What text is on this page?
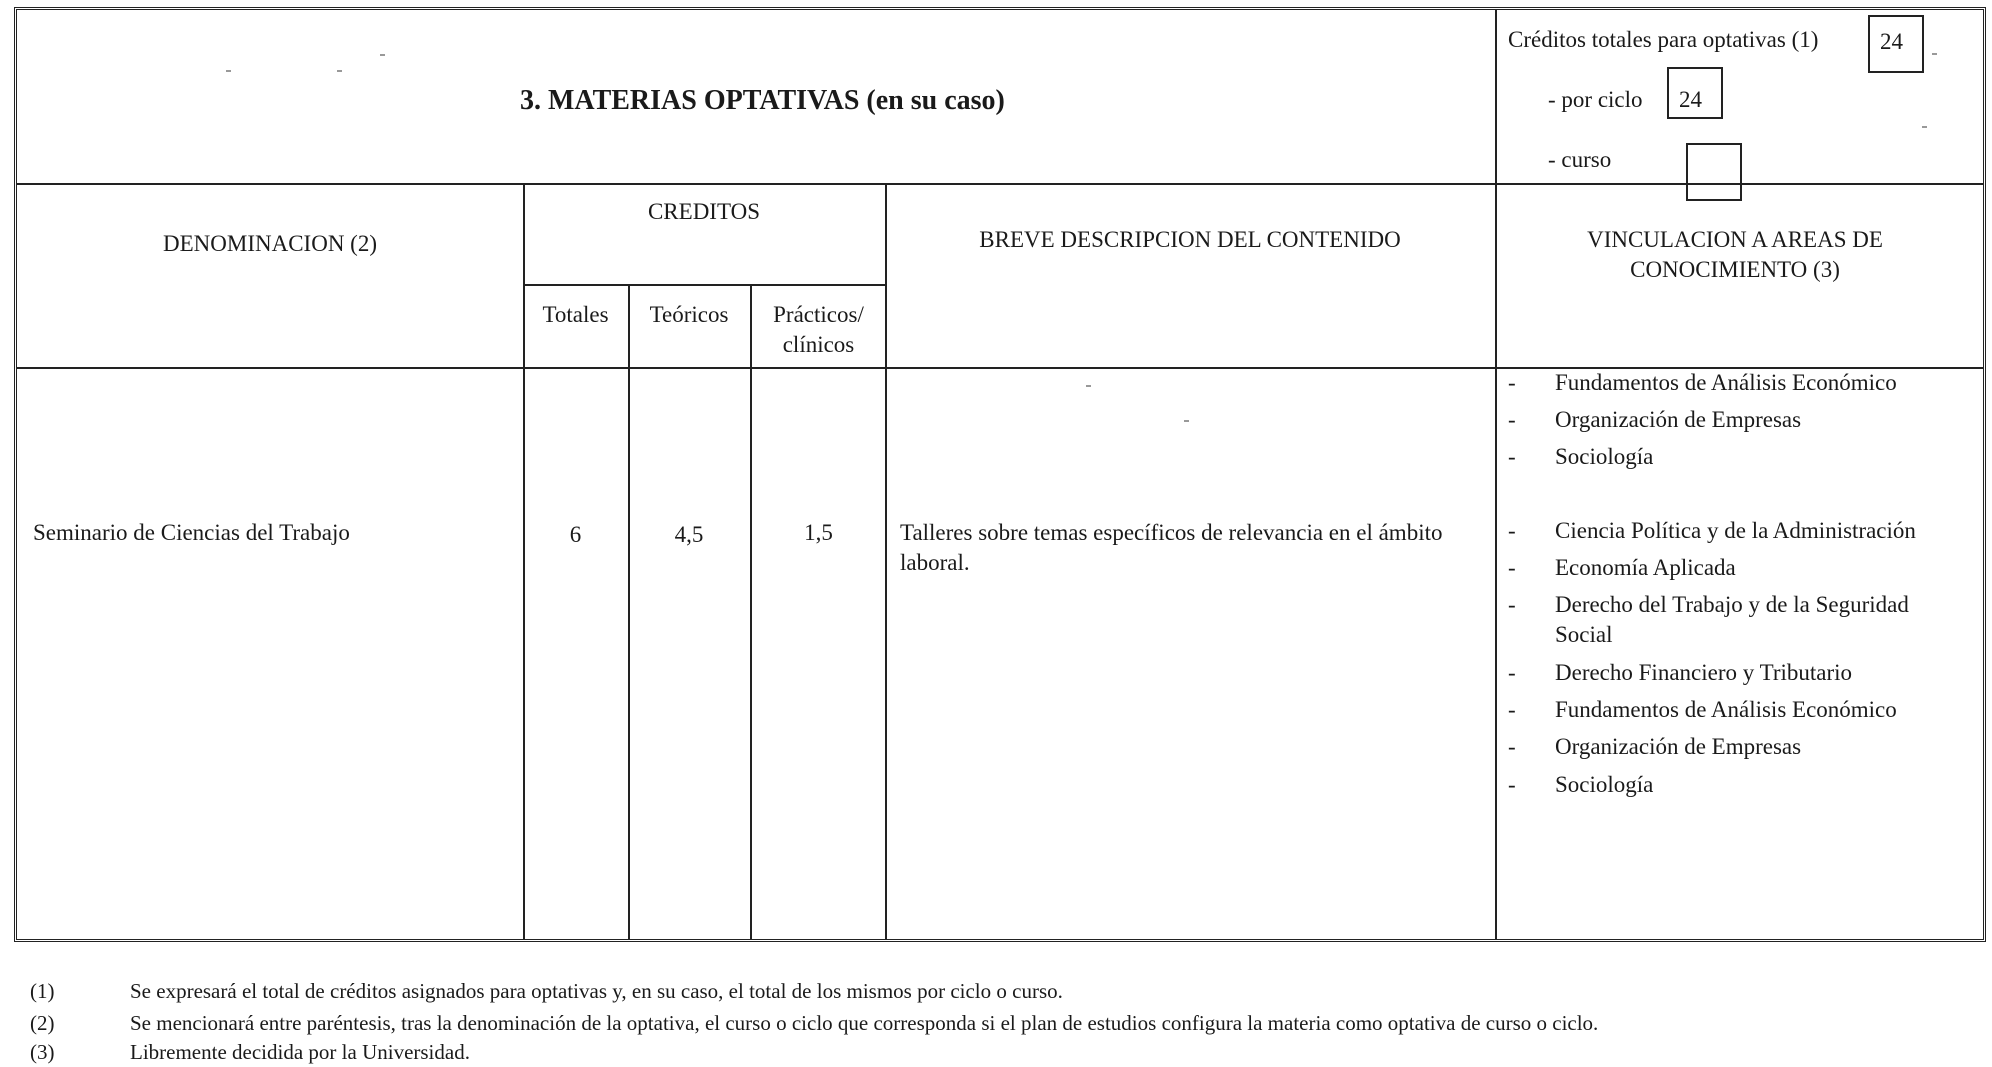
3. MATERIAS OPTATIVAS (en su caso)
Créditos totales para optativas (1)	24
- por ciclo	24
- curso
DENOMINACION (2)
CREDITOS
Totales	Teóricos	Prácticos/ clínicos
BREVE DESCRIPCION DEL CONTENIDO	VINCULACION A AREAS DE CONOCIMIENTO (3)
Seminario de Ciencias del Trabajo	6	4,5	1,5	Talleres sobre temas específicos de relevancia en el ámbito laboral.
- Fundamentos de Análisis Económico
- Organización de Empresas
- Sociología
- Ciencia Política y de la Administración
- Economía Aplicada
- Derecho del Trabajo y de la Seguridad Social
- Derecho Financiero y Tributario
- Fundamentos de Análisis Económico
- Organización de Empresas
- Sociología
(1)	Se expresará el total de créditos asignados para optativas y, en su caso, el total de los mismos por ciclo o curso.
(2)	Se mencionará entre paréntesis, tras la denominación de la optativa, el curso o ciclo que corresponda si el plan de estudios configura la materia como optativa de curso o ciclo.
(3)	Libremente decidida por la Universidad.
